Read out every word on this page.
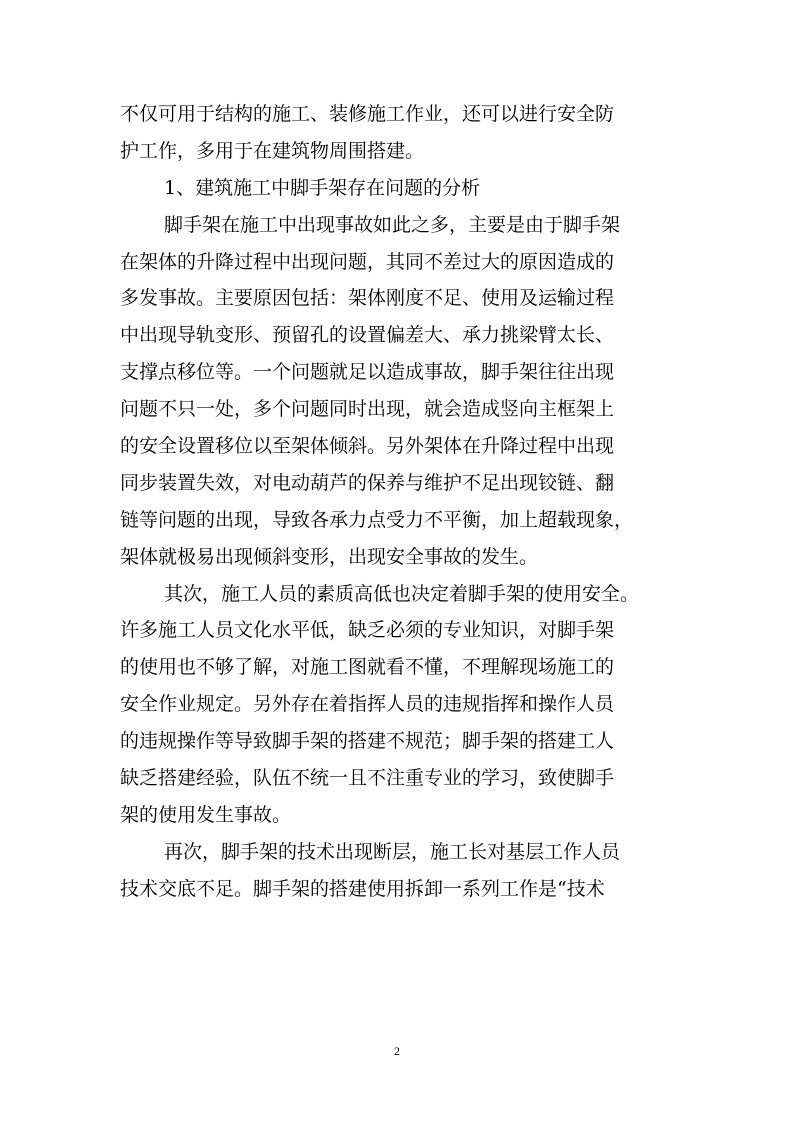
不仅可用于结构的施工、装修施工作业，还可以进行安全防
护工作，多用于在建筑物周围搭建。
1、建筑施工中脚手架存在问题的分析
脚手架在施工中出现事故如此之多，主要是由于脚手架
在架体的升降过程中出现问题，其同不差过大的原因造成的
多发事故。主要原因包括：架体刚度不足、使用及运输过程
中出现导轨变形、预留孔的设置偏差大、承力挑梁臂太长、
支撑点移位等。一个问题就足以造成事故，脚手架往往出现
问题不只一处，多个问题同时出现，就会造成竖向主框架上
的安全设置移位以至架体倾斜。另外架体在升降过程中出现
同步装置失效，对电动葫芦的保养与维护不足出现铰链、翻
链等问题的出现，导致各承力点受力不平衡，加上超载现象，
架体就极易出现倾斜变形，出现安全事故的发生。
其次，施工人员的素质高低也决定着脚手架的使用安全。
许多施工人员文化水平低，缺乏必须的专业知识，对脚手架
的使用也不够了解，对施工图就看不懂，不理解现场施工的
安全作业规定。另外存在着指挥人员的违规指挥和操作人员
的违规操作等导致脚手架的搭建不规范；脚手架的搭建工人
缺乏搭建经验，队伍不统一且不注重专业的学习，致使脚手
架的使用发生事故。
再次，脚手架的技术出现断层，施工长对基层工作人员
技术交底不足。脚手架的搭建使用拆卸一系列工作是“技术
2
